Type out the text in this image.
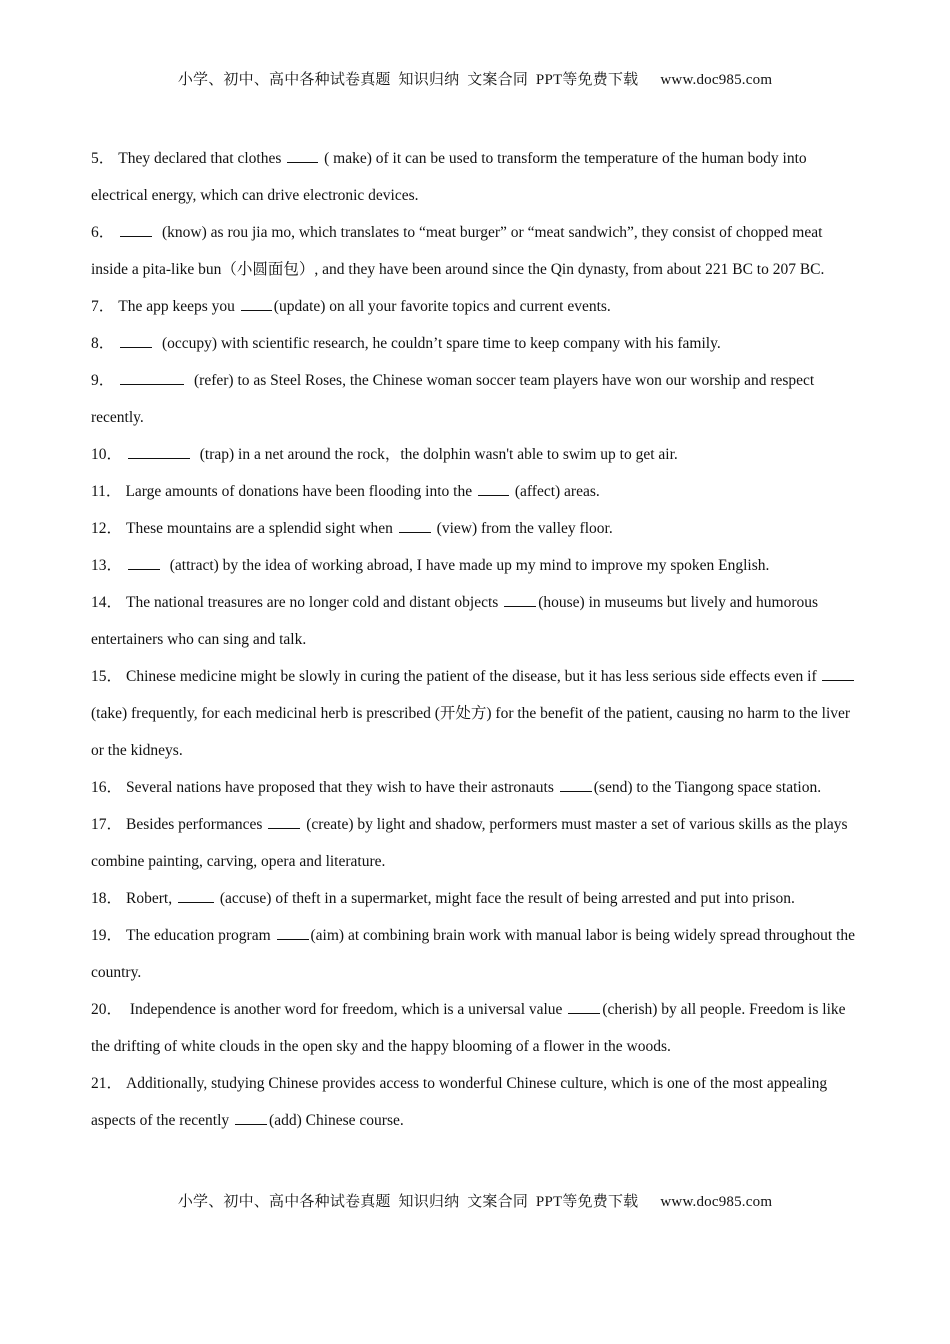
小学、初中、高中各种试卷真题  知识归纳  文案合同  PPT等免费下载 www.doc985.com

5． They declared that clothes	( make) of it can be used to transform the temperature of the human body into electrical energy, which can drive electronic devices.

6．	(know) as rou jia mo, which translates to “meat burger” or “meat sandwich”, they consist of chopped meat inside a pita-like bun（小圆面包）, and they have been around since the Qin dynasty, from about 221 BC to 207 BC.

7． The app keeps you	(update) on all your favorite topics and current events.

8．	(occupy) with scientific research, he couldn’t spare time to keep company with his family.

9．	(refer) to as Steel Roses, the Chinese woman soccer team players have won our worship and respect recently.

10．	(trap) in a net around the rock，the dolphin wasn't able to swim up to get air.

11． Large amounts of donations have been flooding into the	(affect) areas.

12． These mountains are a splendid sight when	(view) from the valley floor.

13．	(attract) by the idea of working abroad, I have made up my mind to improve my spoken English.

14． The national treasures are no longer cold and distant objects	(house) in museums but lively and humorous entertainers who can sing and talk.

15． Chinese medicine might be slowly in curing the patient of the disease, but it has less serious side effects even if  (take) frequently, for each medicinal herb is prescribed (开处方) for the benefit of the patient, causing no harm to the liver or the kidneys.

16． Several nations have proposed that they wish to have their astronauts	(send) to the Tiangong space station.

17． Besides performances	(create) by light and shadow, performers must master a set of various skills as the plays combine painting, carving, opera and literature.

18． Robert,	(accuse) of theft in a supermarket, might face the result of being arrested and put into prison.

19． The education program	(aim) at combining brain work with manual labor is being widely spread throughout the country.

20． Independence is another word for freedom, which is a universal value	(cherish) by all people. Freedom is like the drifting of white clouds in the open sky and the happy blooming of a flower in the woods.

21． Additionally, studying Chinese provides access to wonderful Chinese culture, which is one of the most appealing aspects of the recently	(add) Chinese course.

小学、初中、高中各种试卷真题  知识归纳  文案合同  PPT等免费下载 www.doc985.com
